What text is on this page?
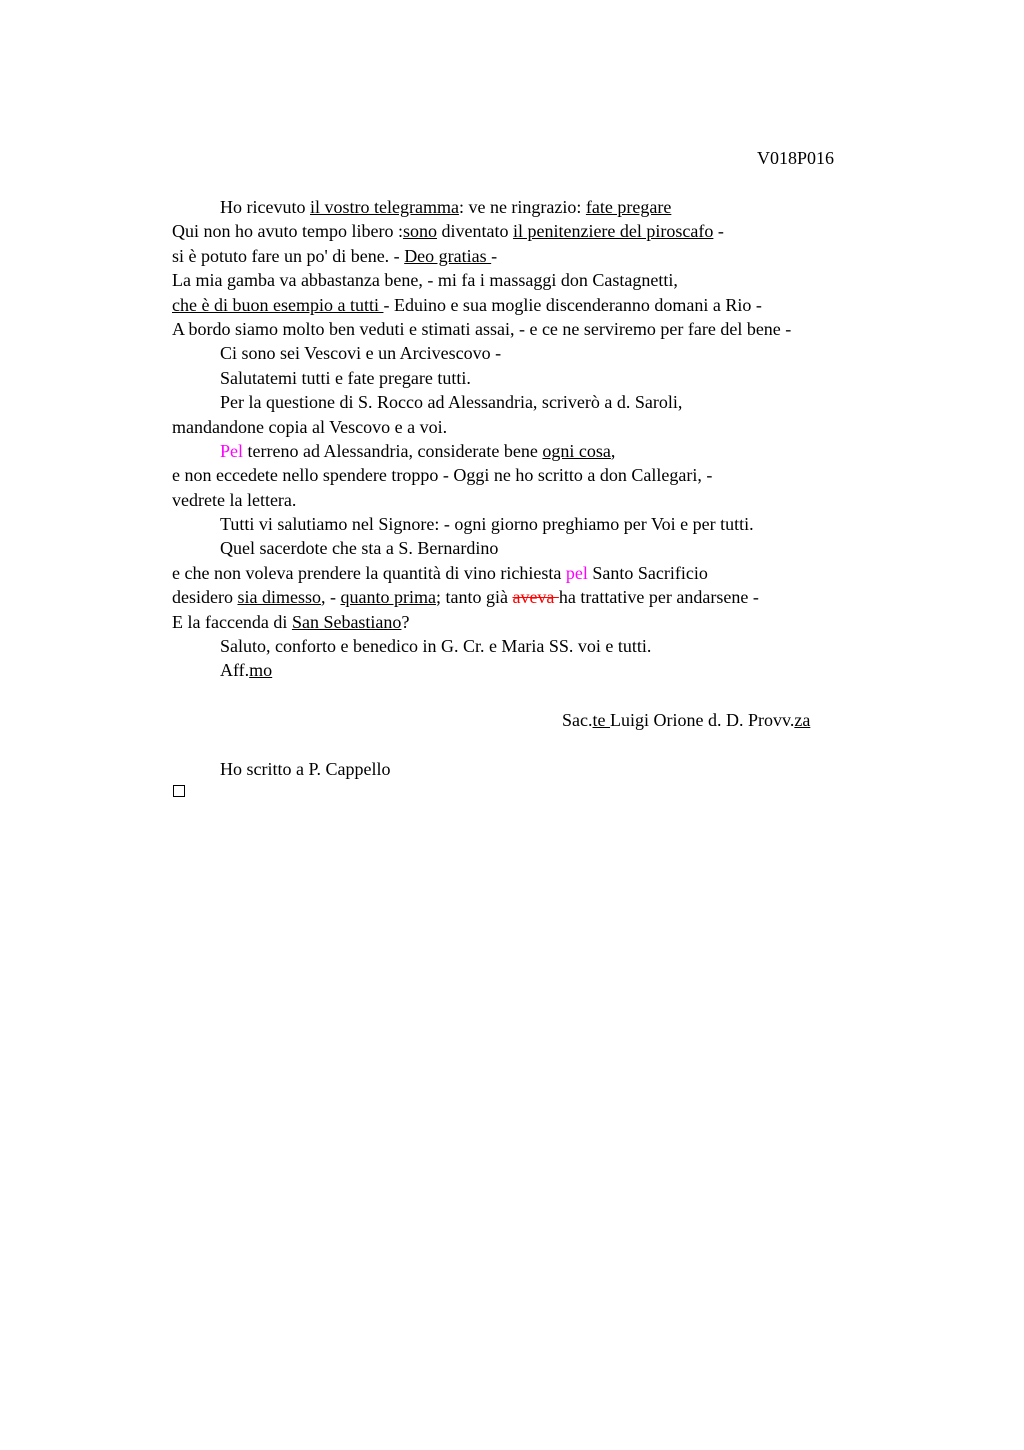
V018P016
Ho ricevuto il vostro telegramma: ve ne ringrazio: fate pregare
Qui non ho avuto tempo libero :sono diventato il penitenziere del piroscafo -
si è potuto fare un po' di bene. - Deo gratias -
La mia gamba va abbastanza bene, - mi fa i massaggi don Castagnetti,
che è di buon esempio a tutti - Eduino e sua moglie discenderanno domani a Rio -
A bordo siamo molto ben veduti e stimati assai, - e ce ne serviremo per fare del bene -
Ci sono sei Vescovi e un Arcivescovo -
Salutatemi tutti e fate pregare tutti.
Per la questione di S. Rocco ad Alessandria, scriverò a d. Saroli,
mandandone copia al Vescovo e a voi.
Pel terreno ad Alessandria, considerate bene ogni cosa,
e non eccedete nello spendere troppo - Oggi ne ho scritto a don Callegari, -
vedrete la lettera.
Tutti vi salutiamo nel Signore: - ogni giorno preghiamo per Voi e per tutti.
Quel sacerdote che sta a S. Bernardino
e che non voleva prendere la quantità di vino richiesta pel Santo Sacrificio
desidero sia dimesso, - quanto prima; tanto già aveva ha trattative per andarsene -
E la faccenda di San Sebastiano?
Saluto, conforto e benedico in G. Cr. e Maria SS. voi e tutti.
Aff.mo
Sac.te Luigi Orione d. D. Provv.za
Ho scritto a P. Cappello
